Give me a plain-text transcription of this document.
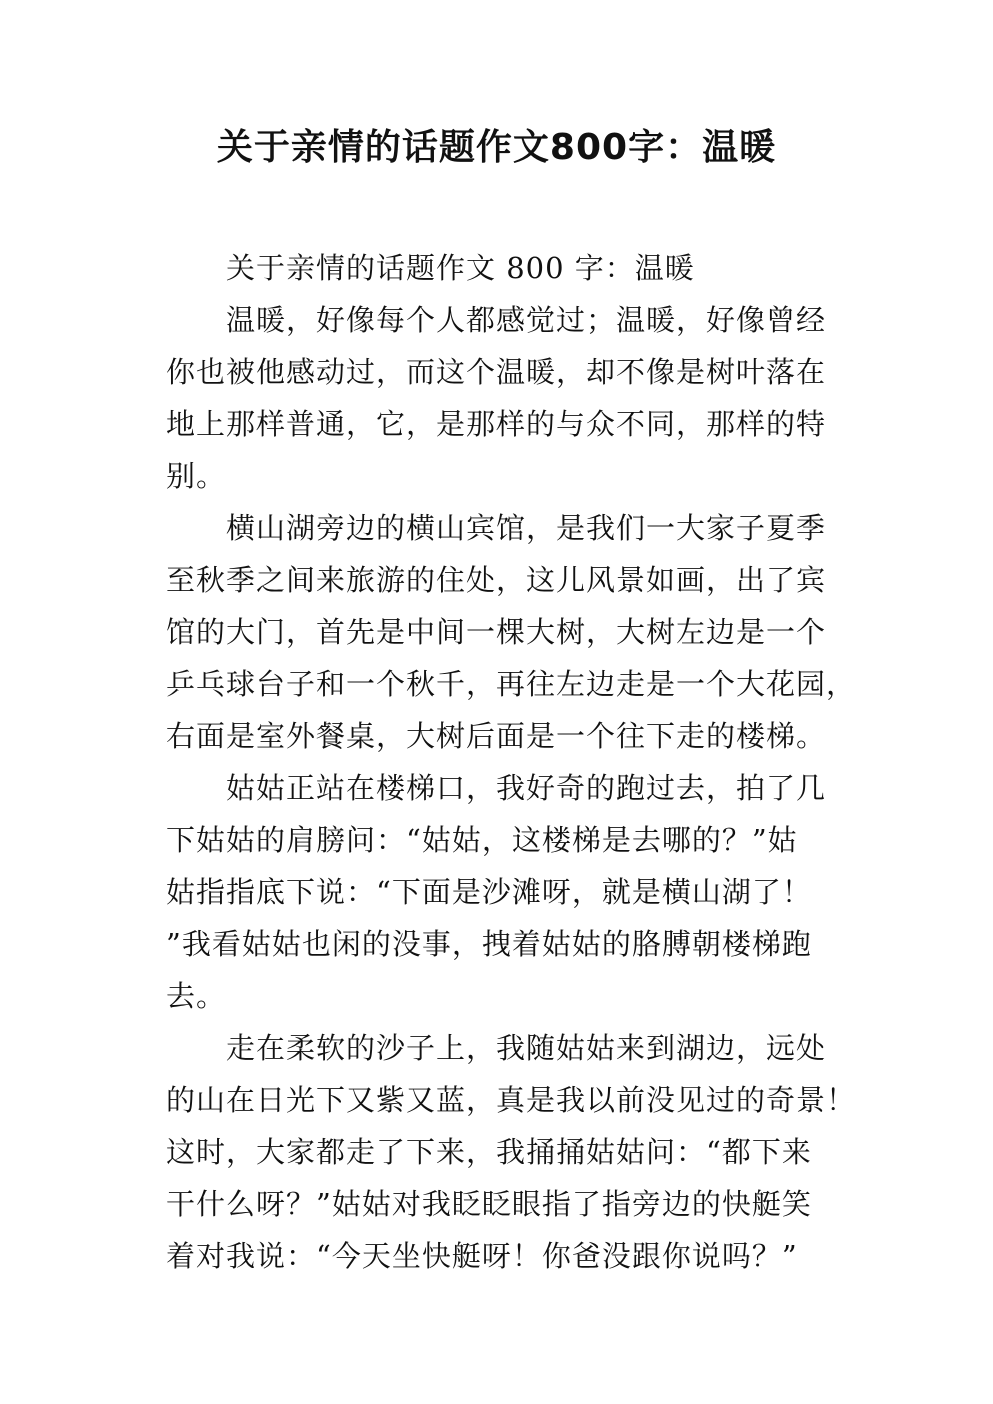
关于亲情的话题作文800字：温暖
关于亲情的话题作文 800 字：温暖
温暖，好像每个人都感觉过；温暖，好像曾经
你也被他感动过，而这个温暖，却不像是树叶落在
地上那样普通，它，是那样的与众不同，那样的特
别。
横山湖旁边的横山宾馆，是我们一大家子夏季
至秋季之间来旅游的住处，这儿风景如画，出了宾
馆的大门，首先是中间一棵大树，大树左边是一个
乒乓球台子和一个秋千，再往左边走是一个大花园，
右面是室外餐桌，大树后面是一个往下走的楼梯。
姑姑正站在楼梯口，我好奇的跑过去，拍了几
下姑姑的肩膀问：“姑姑，这楼梯是去哪的？”姑
姑指指底下说：“下面是沙滩呀，就是横山湖了！
”我看姑姑也闲的没事，拽着姑姑的胳膊朝楼梯跑
去。
走在柔软的沙子上，我随姑姑来到湖边，远处
的山在日光下又紫又蓝，真是我以前没见过的奇景！
这时，大家都走了下来，我捅捅姑姑问：“都下来
干什么呀？”姑姑对我眨眨眼指了指旁边的快艇笑
着对我说：“今天坐快艇呀！你爸没跟你说吗？”
